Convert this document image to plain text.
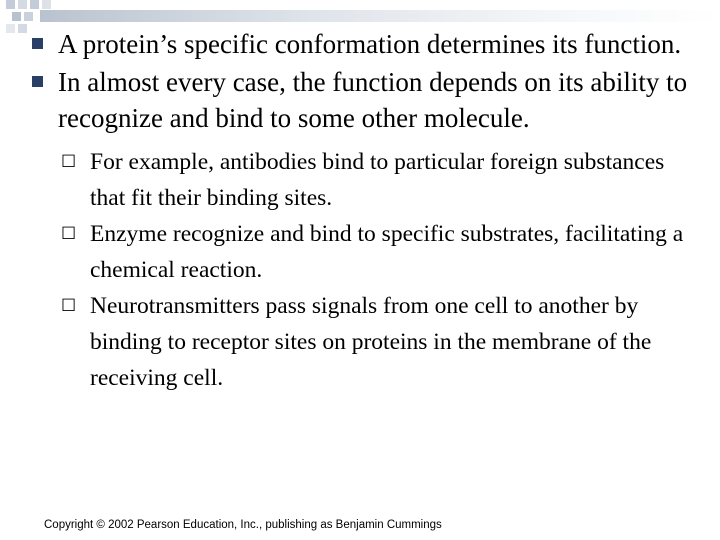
A protein’s specific conformation determines its function.
In almost every case, the function depends on its ability to recognize and bind to some other molecule.
☐ For example, antibodies bind to particular foreign substances that fit their binding sites.
☐ Enzyme recognize and bind to specific substrates, facilitating a chemical reaction.
☐ Neurotransmitters pass signals from one cell to another by binding to receptor sites on proteins in the membrane of the receiving cell.
Copyright © 2002 Pearson Education, Inc., publishing as Benjamin Cummings
